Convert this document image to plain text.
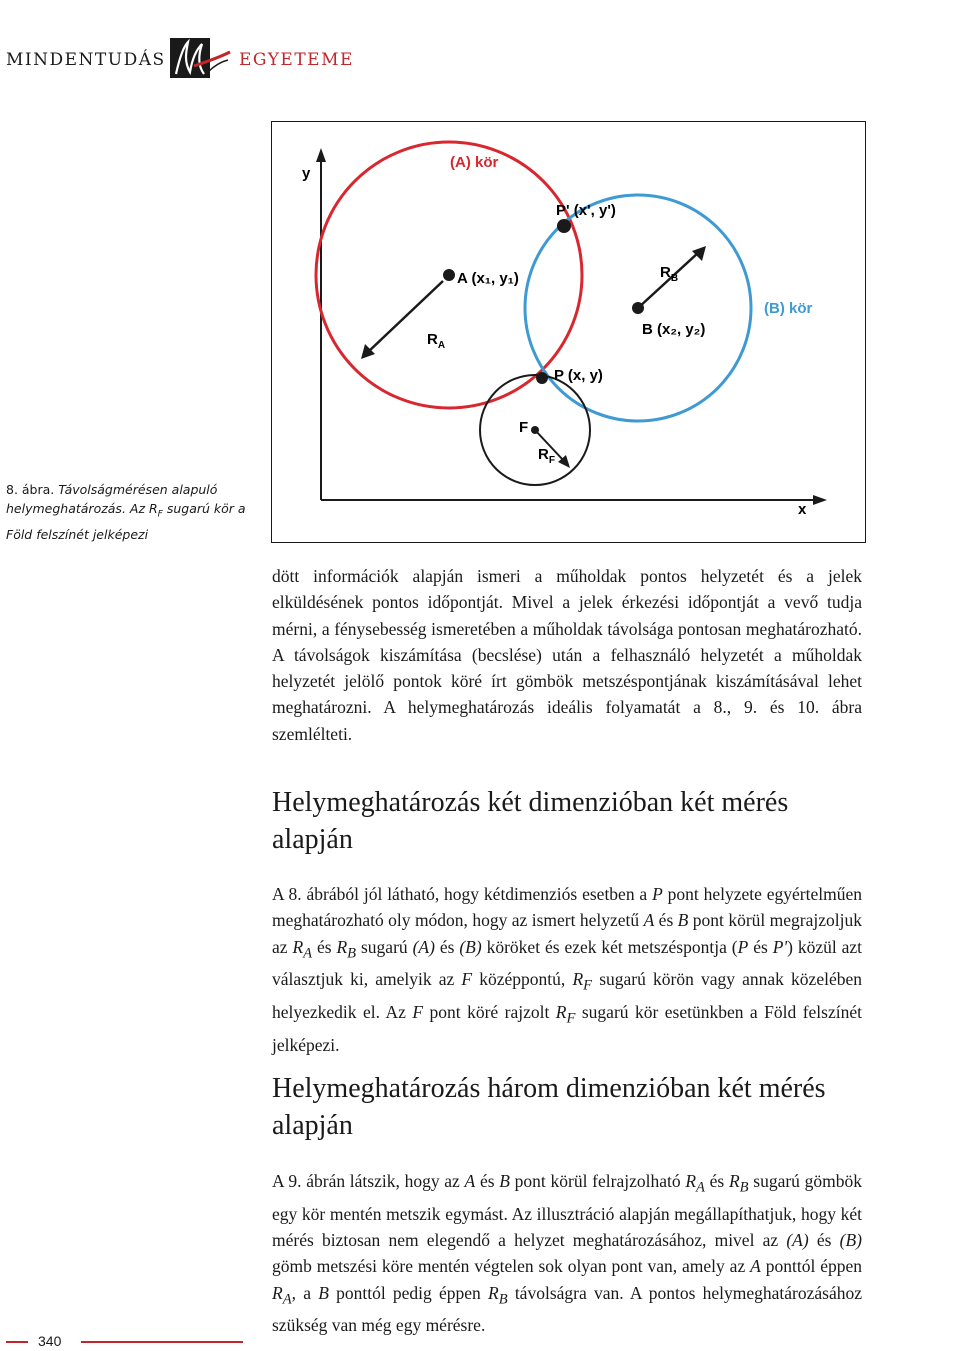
MINDENTUDÁS	EGYETEME
y
x
(A) kör
(B) kör
P' (x', y')
A (x₁, y₁)
B (x₂, y₂)
P (x, y)
F
$R_A$
$R_B$
$R_F$
8. ábra. Távolságmérésen alapuló helymeghatározás. Az $R_F$ sugarú kör a Föld felszínét jelképezi
dött információk alapján ismeri a műholdak pontos helyzetét és a jelek elküldésének pontos időpontját. Mivel a jelek érkezési időpontját a vevő tudja mérni, a fénysebesség ismeretében a műholdak távolsága pontosan meghatározható. A távolságok kiszámítása (becslése) után a felhasználó helyzetét a műholdak helyzetét jelölő pontok köré írt gömbök metszéspontjának kiszámításával lehet meghatározni. A helymeghatározás ideális folyamatát a 8., 9. és 10. ábra szemlélteti.
Helymeghatározás két dimenzióban két mérés alapján
A 8. ábrából jól látható, hogy kétdimenziós esetben a P pont helyzete egyértelműen meghatározható oly módon, hogy az ismert helyzetű A és B pont körül megrajzoljuk az $R_A$ és $R_B$ sugarú (A) és (B) köröket és ezek két metszéspontja (P és P') közül azt választjuk ki, amelyik az F középpontú, $R_F$ sugarú körön vagy annak közelében helyezkedik el. Az F pont köré rajzolt $R_F$ sugarú kör esetünkben a Föld felszínét jelképezi.
Helymeghatározás három dimenzióban két mérés alapján
A 9. ábrán látszik, hogy az A és B pont körül felrajzolható $R_A$ és $R_B$ sugarú gömbök egy kör mentén metszik egymást. Az illusztráció alapján megállapíthatjuk, hogy két mérés biztosan nem elegendő a helyzet meghatározásához, mivel az (A) és (B) gömb metszési köre mentén végtelen sok olyan pont van, amely az A ponttól éppen $R_A$, a B ponttól pedig éppen $R_B$ távolságra van. A pontos helymeghatározásához szükség van még egy mérésre.
340
